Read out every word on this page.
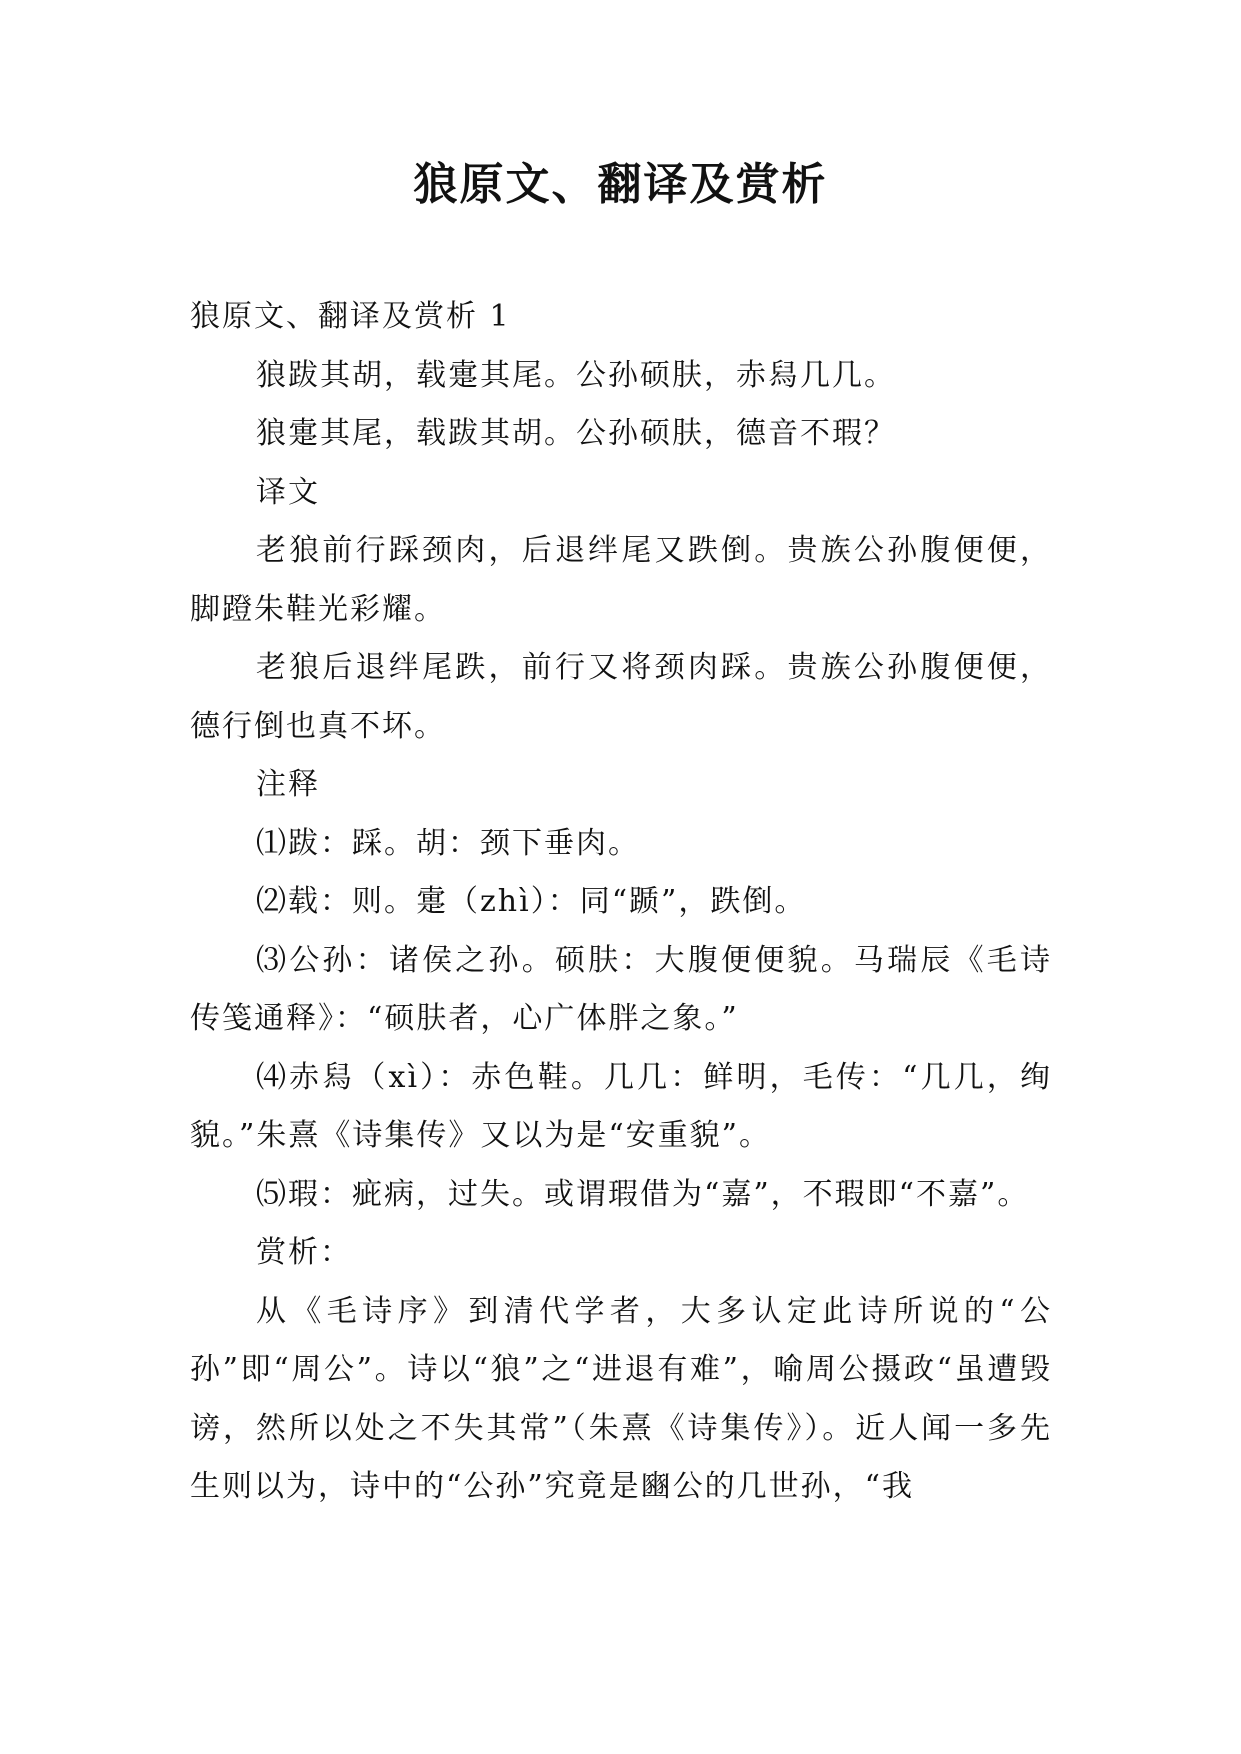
狼原文、翻译及赏析

狼原文、翻译及赏析 1

狼跋其胡，载疐其尾。公孙硕肤，赤舄几几。

狼疐其尾，载跋其胡。公孙硕肤，德音不瑕？

译文

老狼前行踩颈肉，后退绊尾又跌倒。贵族公孙腹便便，脚蹬朱鞋光彩耀。

老狼后退绊尾跌，前行又将颈肉踩。贵族公孙腹便便，德行倒也真不坏。

注释

⑴跋：踩。胡：颈下垂肉。

⑵载：则。疐（zhì）：同“踬”，跌倒。

⑶公孙：诸侯之孙。硕肤：大腹便便貌。马瑞辰《毛诗传笺通释》：“硕肤者，心广体胖之象。”

⑷赤舄（xì）：赤色鞋。几几：鲜明，毛传：“几几，绚貌。”朱熹《诗集传》又以为是“安重貌”。

⑸瑕：疵病，过失。或谓瑕借为“嘉”，不瑕即“不嘉”。

赏析：

从《毛诗序》到清代学者，大多认定此诗所说的“公孙”即“周公”。诗以“狼”之“进退有难”，喻周公摄政“虽遭毁谤，然所以处之不失其常”（朱熹《诗集传》）。近人闻一多先生则以为，诗中的“公孙”究竟是豳公的几世孙，“我
